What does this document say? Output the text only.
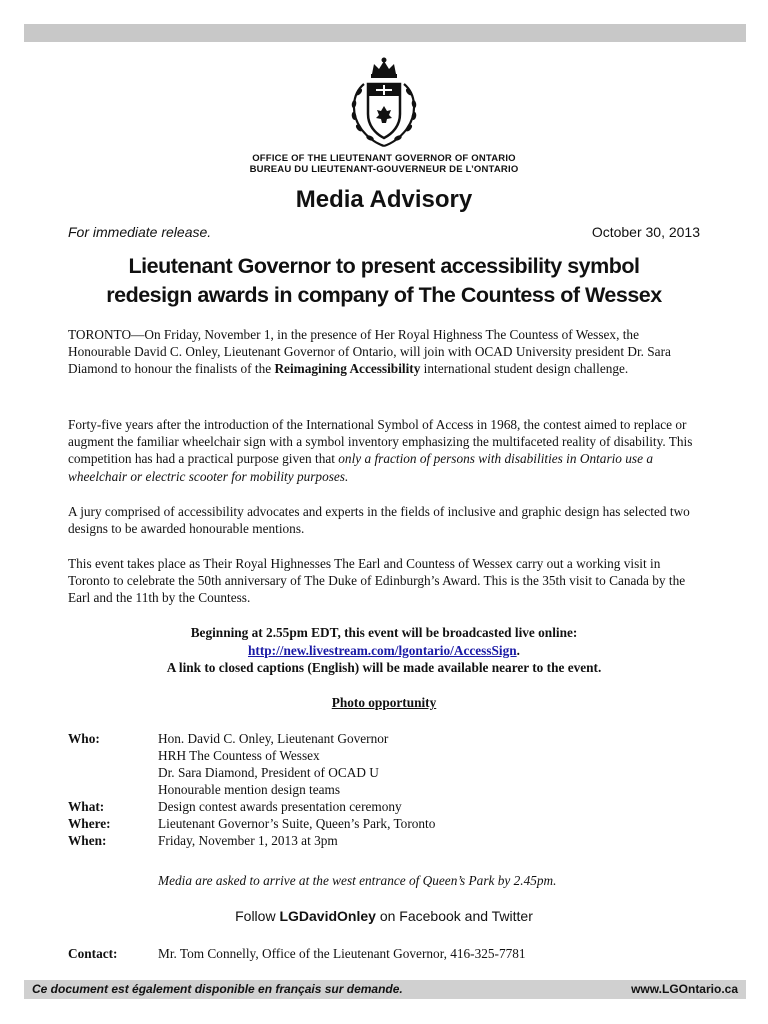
OFFICE OF THE LIEUTENANT GOVERNOR OF ONTARIO
BUREAU DU LIEUTENANT-GOUVERNEUR DE L’ONTARIO
Media Advisory
For immediate release.	October 30, 2013
Lieutenant Governor to present accessibility symbol
redesign awards in company of The Countess of Wessex
TORONTO—On Friday, November 1, in the presence of Her Royal Highness The Countess of Wessex, the Honourable David C. Onley, Lieutenant Governor of Ontario, will join with OCAD University president Dr. Sara Diamond to honour the finalists of the Reimagining Accessibility international student design challenge.
Forty-five years after the introduction of the International Symbol of Access in 1968, the contest aimed to replace or augment the familiar wheelchair sign with a symbol inventory emphasizing the multifaceted reality of disability. This competition has had a practical purpose given that only a fraction of persons with disabilities in Ontario use a wheelchair or electric scooter for mobility purposes.
A jury comprised of accessibility advocates and experts in the fields of inclusive and graphic design has selected two designs to be awarded honourable mentions.
This event takes place as Their Royal Highnesses The Earl and Countess of Wessex carry out a working visit in Toronto to celebrate the 50th anniversary of The Duke of Edinburgh’s Award. This is the 35th visit to Canada by the Earl and the 11th by the Countess.
Beginning at 2.55pm EDT, this event will be broadcasted live online:
http://new.livestream.com/lgontario/AccessSign.
A link to closed captions (English) will be made available nearer to the event.
Photo opportunity
Who:	Hon. David C. Onley, Lieutenant Governor
HRH The Countess of Wessex
Dr. Sara Diamond, President of OCAD U
Honourable mention design teams
What:	Design contest awards presentation ceremony
Where:	Lieutenant Governor’s Suite, Queen’s Park, Toronto
When:	Friday, November 1, 2013 at 3pm
Media are asked to arrive at the west entrance of Queen’s Park by 2.45pm.
Follow LGDavidOnley on Facebook and Twitter
Contact:	Mr. Tom Connelly, Office of the Lieutenant Governor, 416-325-7781
Ce document est également disponible en français sur demande.	www.LGOntario.ca
